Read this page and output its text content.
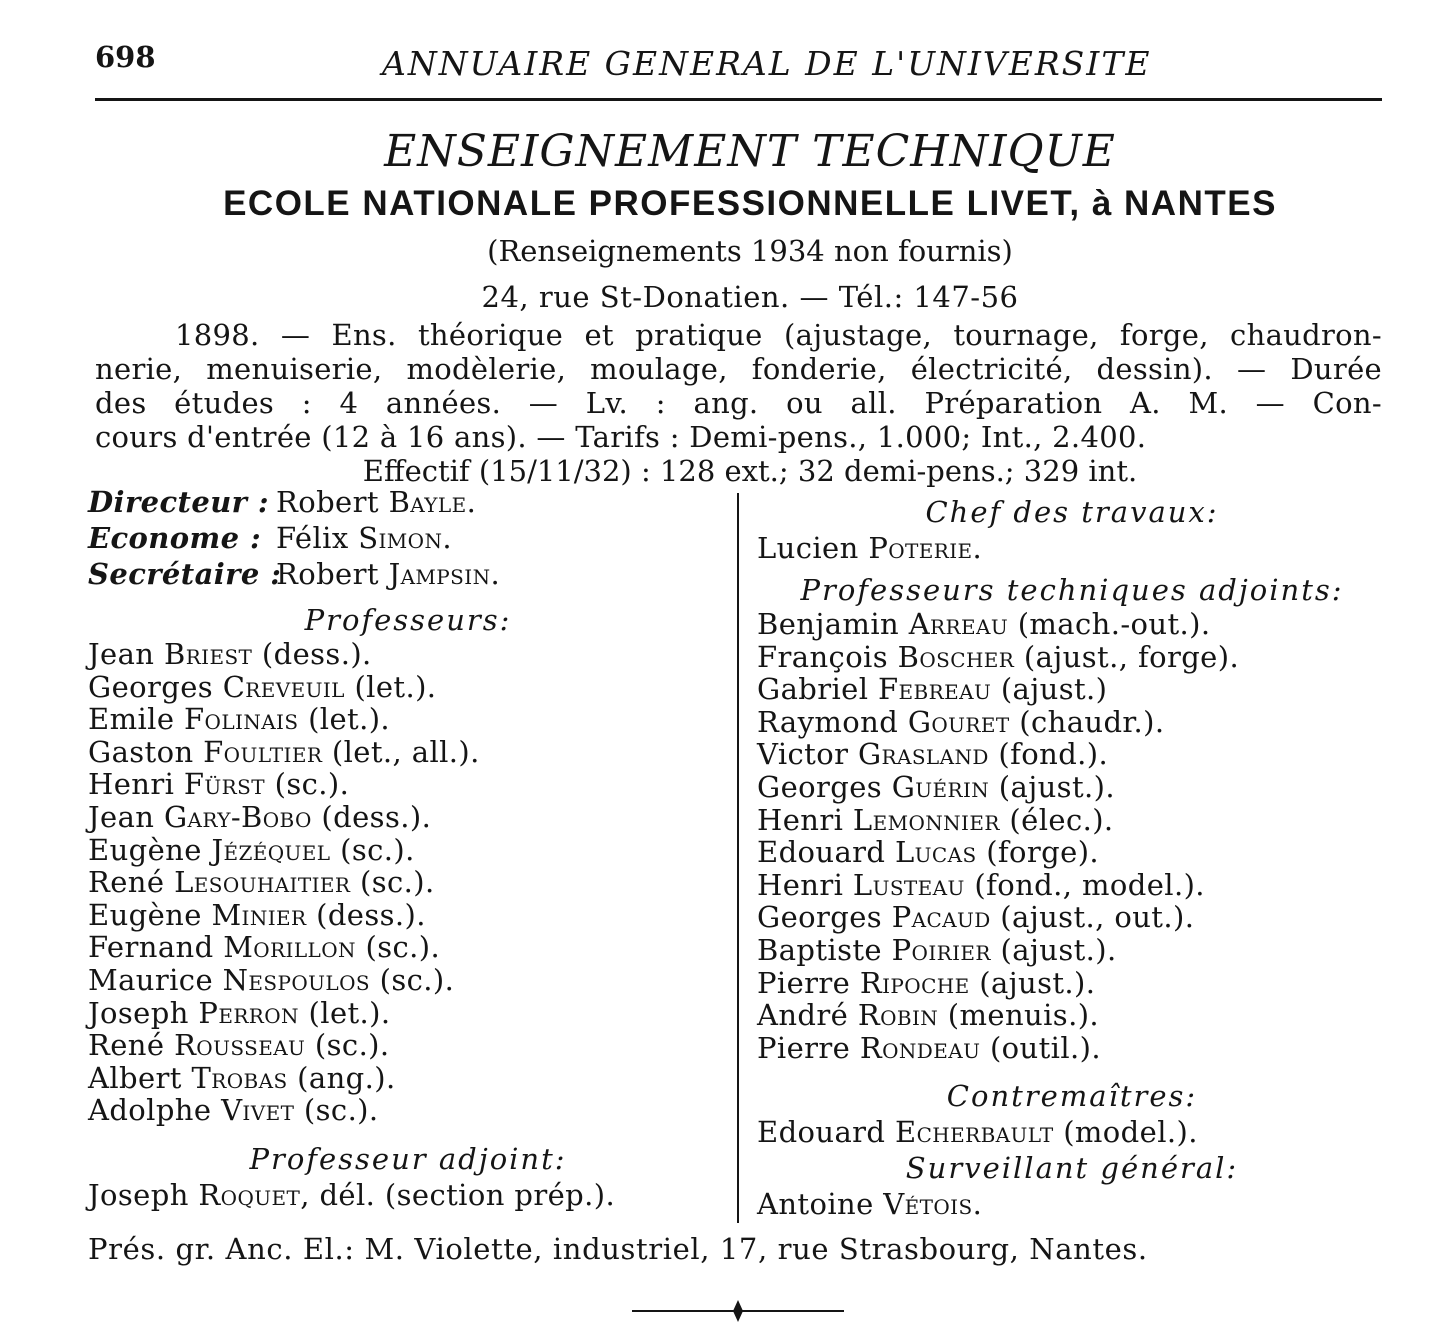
698	ANNUAIRE GENERAL DE L'UNIVERSITE
ENSEIGNEMENT TECHNIQUE
ECOLE NATIONALE PROFESSIONNELLE LIVET, à NANTES
(Renseignements 1934 non fournis)
24, rue St-Donatien. — Tél.: 147-56
1898. — Ens. théorique et pratique (ajustage, tournage, forge, chaudron-
nerie, menuiserie, modèlerie, moulage, fonderie, électricité, dessin). — Durée
des études : 4 années. — Lv. : ang. ou all. Préparation A. M. — Con-
cours d'entrée (12 à 16 ans). — Tarifs : Demi-pens., 1.000; Int., 2.400.
Effectif (15/11/32) : 128 ext.; 32 demi-pens.; 329 int.
Directeur : Robert Bayle.
Econome : Félix Simon.
Secrétaire :Robert Jampsin.
Professeurs:
Jean Briest (dess.).
Georges Creveuil (let.).
Emile Folinais (let.).
Gaston Foultier (let., all.).
Henri Fürst (sc.).
Jean Gary-Bobo (dess.).
Eugène Jézéquel (sc.).
René Lesouhaitier (sc.).
Eugène Minier (dess.).
Fernand Morillon (sc.).
Maurice Nespoulos (sc.).
Joseph Perron (let.).
René Rousseau (sc.).
Albert Trobas (ang.).
Adolphe Vivet (sc.).
Professeur adjoint:
Joseph Roquet, dél. (section prép.).
Chef des travaux:
Lucien Poterie.
Professeurs techniques adjoints:
Benjamin Arreau (mach.-out.).
François Boscher (ajust., forge).
Gabriel Febreau (ajust.)
Raymond Gouret (chaudr.).
Victor Grasland (fond.).
Georges Guérin (ajust.).
Henri Lemonnier (élec.).
Edouard Lucas (forge).
Henri Lusteau (fond., model.).
Georges Pacaud (ajust., out.).
Baptiste Poirier (ajust.).
Pierre Ripoche (ajust.).
André Robin (menuis.).
Pierre Rondeau (outil.).
Contremaîtres:
Edouard Echerbault (model.).
Surveillant général:
Antoine Vétois.
Prés. gr. Anc. El.: M. Violette, industriel, 17, rue Strasbourg, Nantes.
